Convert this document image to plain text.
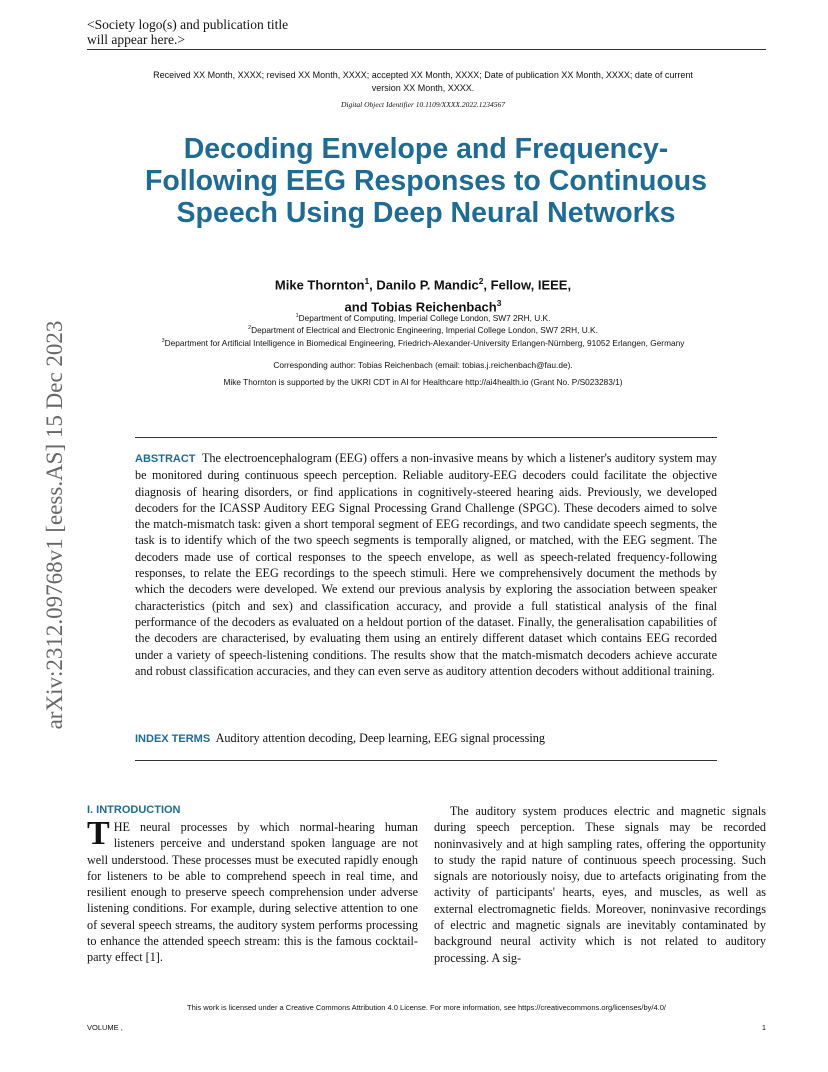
<Society logo(s) and publication title will appear here.>
Received XX Month, XXXX; revised XX Month, XXXX; accepted XX Month, XXXX; Date of publication XX Month, XXXX; date of current version XX Month, XXXX.
Digital Object Identifier 10.1109/XXXX.2022.1234567
Decoding Envelope and Frequency-Following EEG Responses to Continuous Speech Using Deep Neural Networks
Mike Thornton$^1$, Danilo P. Mandic$^2$, Fellow, IEEE,
and Tobias Reichenbach$^3$
$^1$Department of Computing, Imperial College London, SW7 2RH, U.K.
$^2$Department of Electrical and Electronic Engineering, Imperial College London, SW7 2RH, U.K.
$^3$Department for Artificial Intelligence in Biomedical Engineering, Friedrich-Alexander-University Erlangen-Nürnberg, 91052 Erlangen, Germany
Corresponding author: Tobias Reichenbach (email: tobias.j.reichenbach@fau.de).
Mike Thornton is supported by the UKRI CDT in AI for Healthcare http://ai4health.io (Grant No. P/S023283/1)
arXiv:2312.09768v1 [eess.AS] 15 Dec 2023	ABSTRACT The electroencephalogram (EEG) offers a non-invasive means by which a listener's auditory system may be monitored during continuous speech perception. Reliable auditory-EEG decoders could facilitate the objective diagnosis of hearing disorders, or find applications in cognitively-steered hearing aids. Previously, we developed decoders for the ICASSP Auditory EEG Signal Processing Grand Challenge (SPGC). These decoders aimed to solve the match-mismatch task: given a short temporal segment of EEG recordings, and two candidate speech segments, the task is to identify which of the two speech segments is temporally aligned, or matched, with the EEG segment. The decoders made use of cortical responses to the speech envelope, as well as speech-related frequency-following responses, to relate the EEG recordings to the speech stimuli. Here we comprehensively document the methods by which the decoders were developed. We extend our previous analysis by exploring the association between speaker characteristics (pitch and sex) and classification accuracy, and provide a full statistical analysis of the final performance of the decoders as evaluated on a heldout portion of the dataset. Finally, the generalisation capabilities of the decoders are characterised, by evaluating them using an entirely different dataset which contains EEG recorded under a variety of speech-listening conditions. The results show that the match-mismatch decoders achieve accurate and robust classification accuracies, and they can even serve as auditory attention decoders without additional training.
INDEX TERMS Auditory attention decoding, Deep learning, EEG signal processing
I. INTRODUCTION
THE neural processes by which normal-hearing human listeners perceive and understand spoken language are not well understood. These processes must be executed rapidly enough for listeners to be able to comprehend speech in real time, and resilient enough to preserve speech comprehension under adverse listening conditions. For example, during selective attention to one of several speech streams, the auditory system performs processing to enhance the attended speech stream: this is the famous cocktail-party effect [1].
The auditory system produces electric and magnetic signals during speech perception. These signals may be recorded noninvasively and at high sampling rates, offering the opportunity to study the rapid nature of continuous speech processing. Such signals are notoriously noisy, due to artefacts originating from the activity of participants' hearts, eyes, and muscles, as well as external electromagnetic fields. Moreover, noninvasive recordings of electric and magnetic signals are inevitably contaminated by background neural activity which is not related to auditory processing. A sig-
This work is licensed under a Creative Commons Attribution 4.0 License. For more information, see https://creativecommons.org/licenses/by/4.0/
VOLUME ,	1
